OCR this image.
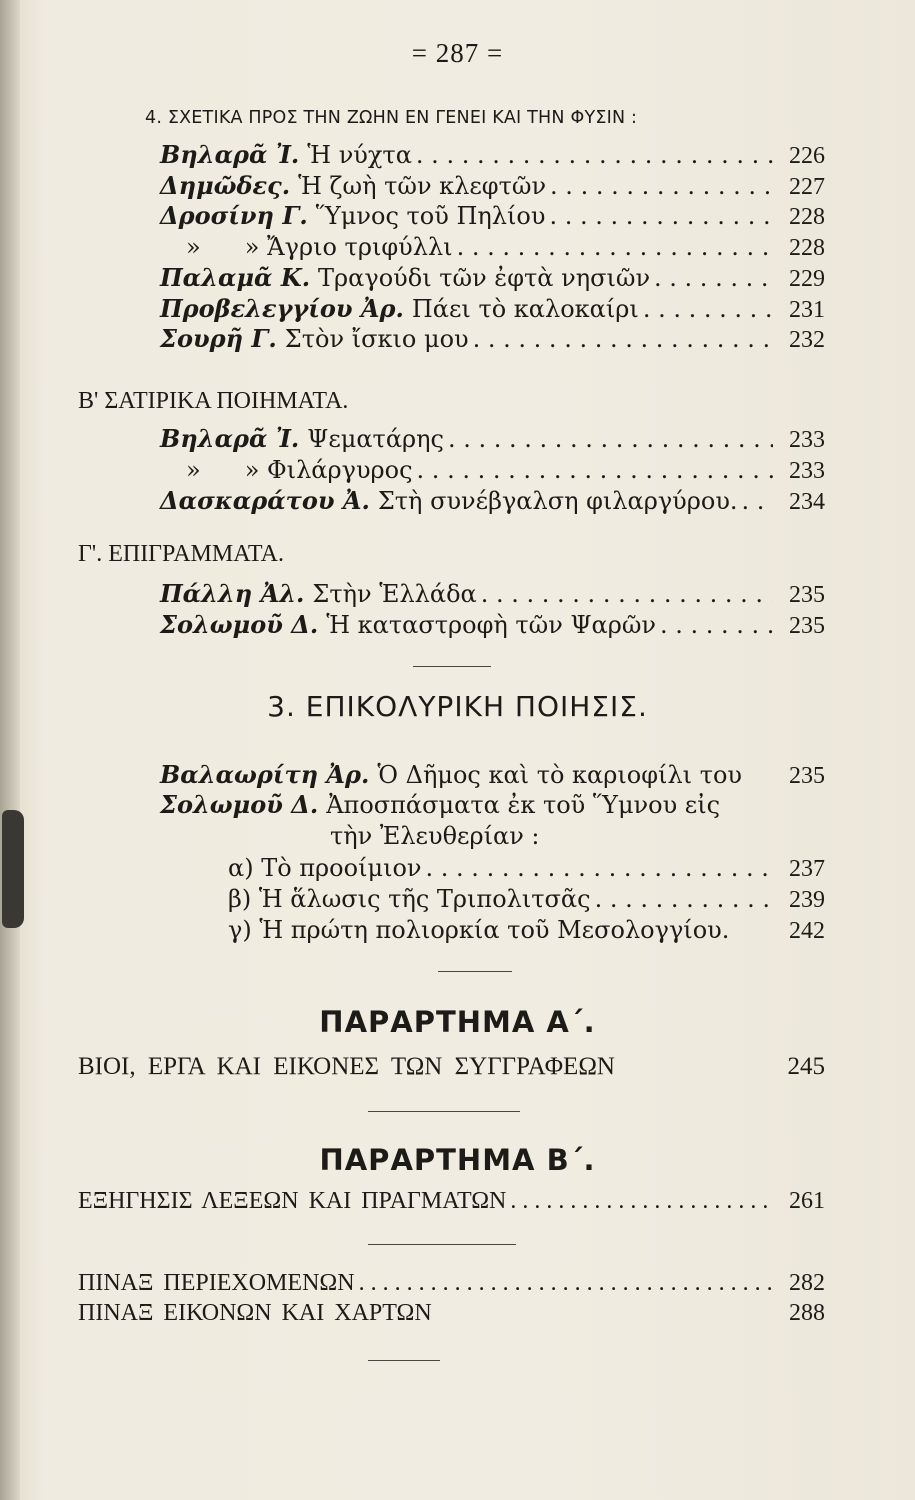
= 287 =
4. ΣΧΕΤΙΚΑ ΠΡΟΣ ΤΗΝ ΖΩΗΝ ΕΝ ΓΕΝΕΙ ΚΑΙ ΤΗΝ ΦΥΣΙΝ :
Βηλαρᾶ Ἰ. Ἡ νύχτα . . .	226
Δημῶδες. Ἡ ζωὴ τῶν κλεφτῶν . . .	227
Δροσίνη Γ. Ὕμνος τοῦ Πηλίου . . .	228
» » Ἄγριο τριφύλλι . . .	228
Παλαμᾶ Κ. Τραγούδι τῶν ἐφτὰ νησιῶν . . .	229
Προβελεγγίου Ἀρ. Πάει τὸ καλοκαίρι . . .	231
Σουρῆ Γ. Στὸν ἴσκιο μου . . .	232
Β' ΣΑΤΙΡΙΚΑ ΠΟΙΗΜΑΤΑ.
Βηλαρᾶ Ἰ. Ψεματάρης . . .	233
» » Φιλάργυρος . . .	233
Δασκαράτου Ἀ. Στὴ συνέβγαλση φιλαργύρου. . . .	234
Γ'. ΕΠΙΓΡΑΜΜΑΤΑ.
Πάλλη Ἀλ. Στὴν Ἑλλάδα . . .	235
Σολωμοῦ Δ. Ἡ καταστροφὴ τῶν Ψαρῶν . . .	235
3. ΕΠΙΚΟΛΥΡΙΚΗ ΠΟΙΗΣΙΣ.
Βαλαωρίτη Ἀρ. Ὁ Δῆμος καὶ τὸ καριοφίλι του	235
Σολωμοῦ Δ. Ἀποσπάσματα ἐκ τοῦ Ὕμνου εἰς
τὴν Ἐλευθερίαν :
α) Τὸ προοίμιον . . .	237
β) Ἡ ἅλωσις τῆς Τριπολιτσᾶς . . .	239
γ) Ἡ πρώτη πολιορκία τοῦ Μεσολογγίου.	242
ΠΑΡΑΡΤΗΜΑ Α΄.
ΒΙΟΙ, ΕΡΓΑ ΚΑΙ ΕΙΚΟΝΕΣ ΤΩΝ ΣΥΓΓΡΑΦΕΩΝ	245
ΠΑΡΑΡΤΗΜΑ Β΄.
ΕΞΗΓΗΣΙΣ ΛΕΞΕΩΝ ΚΑΙ ΠΡΑΓΜΑΤΩΝ . . .	261
ΠΙΝΑΞ ΠΕΡΙΕΧΟΜΕΝΩΝ . . .	282
ΠΙΝΑΞ ΕΙΚΟΝΩΝ ΚΑΙ ΧΑΡΤΩΝ	288
